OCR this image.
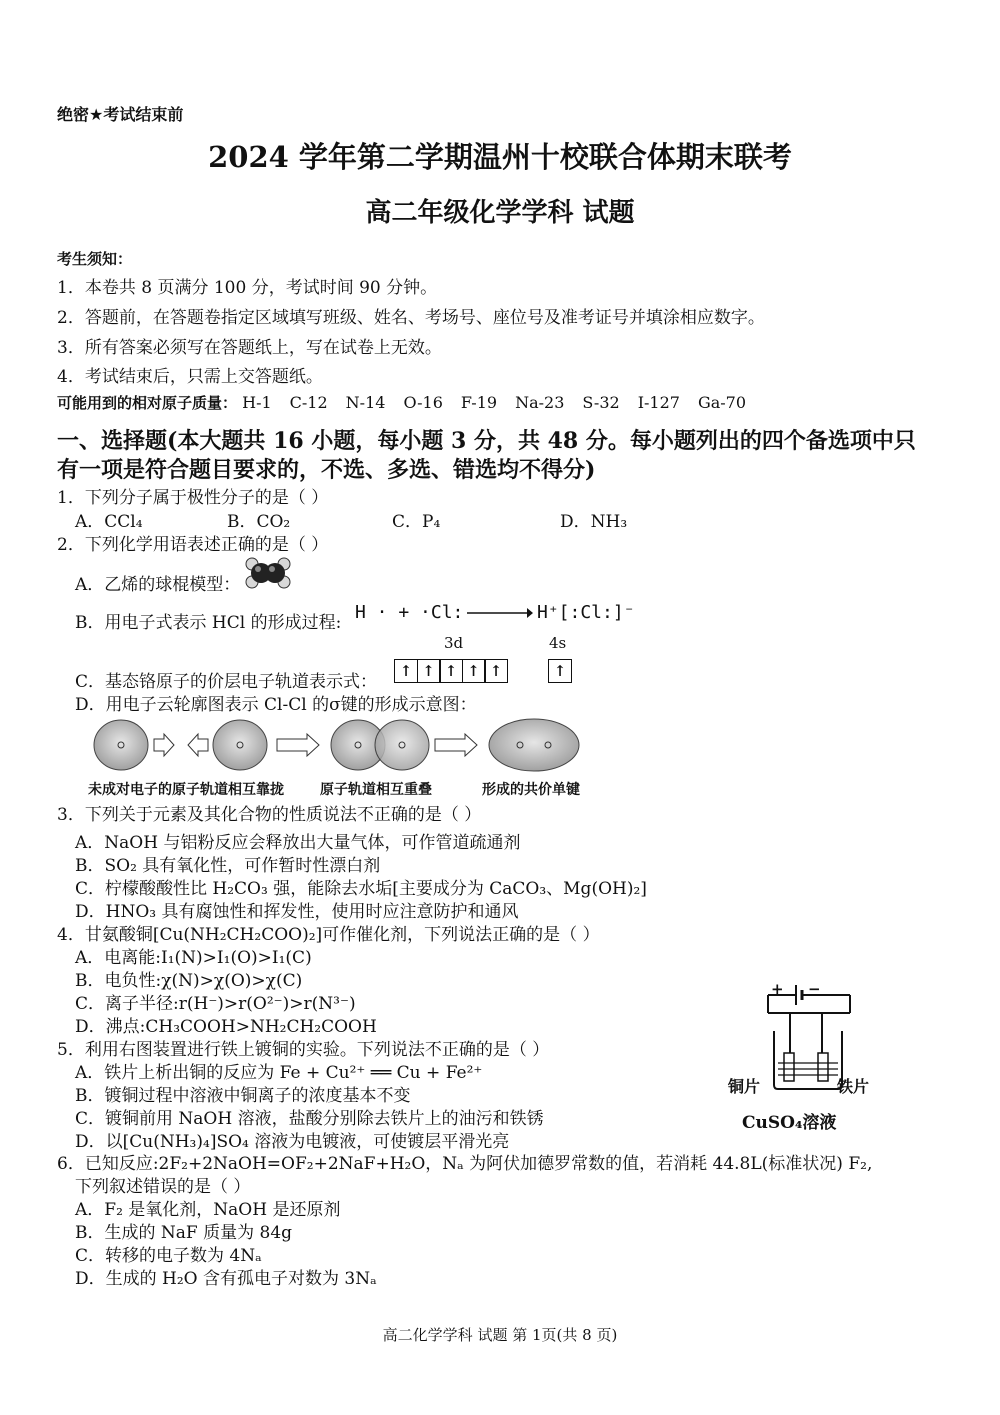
绝密★考试结束前
2024 学年第二学期温州十校联合体期末联考
高二年级化学学科 试题
考生须知：
1．本卷共 8 页满分 100 分，考试时间 90 分钟。
2．答题前，在答题卷指定区域填写班级、姓名、考场号、座位号及准考证号并填涂相应数字。
3．所有答案必须写在答题纸上，写在试卷上无效。
4．考试结束后，只需上交答题纸。
可能用到的相对原子质量： H-1 C-12 N-14 O-16 F-19 Na-23 S-32 I-127 Ga-70
一、选择题(本大题共 16 小题，每小题 3 分，共 48 分。每小题列出的四个备选项中只
有一项是符合题目要求的，不选、多选、错选均不得分)
1．下列分子属于极性分子的是（ ）
A．CCl₄	B．CO₂	C．P₄	D．NH₃
2．下列化学用语表述正确的是（ ）
A．乙烯的球棍模型：
B．用电子式表示 HCl 的形成过程: H · + ·Cl:	H⁺[:Cl:]⁻
3d	4s
C．基态铬原子的价层电子轨道表示式：
↑ ↑ ↑ ↑ ↑	↑
D．用电子云轮廓图表示 Cl-Cl 的σ键的形成示意图：
未成对电子的原子轨道相互靠拢	原子轨道相互重叠	形成的共价单键
3．下列关于元素及其化合物的性质说法不正确的是（ ）
A．NaOH 与铝粉反应会释放出大量气体，可作管道疏通剂
B．SO₂ 具有氧化性，可作暂时性漂白剂
C．柠檬酸酸性比 H₂CO₃ 强，能除去水垢[主要成分为 CaCO₃、Mg(OH)₂]
D．HNO₃ 具有腐蚀性和挥发性，使用时应注意防护和通风
4．甘氨酸铜[Cu(NH₂CH₂COO)₂]可作催化剂，下列说法正确的是（ ）
A．电离能:I₁(N)>I₁(O)>I₁(C)
B．电负性:χ(N)>χ(O)>χ(C)
C．离子半径:r(H⁻)>r(O²⁻)>r(N³⁻)
D．沸点:CH₃COOH>NH₂CH₂COOH
5．利用右图装置进行铁上镀铜的实验。下列说法不正确的是（ ）
A．铁片上析出铜的反应为 Fe + Cu²⁺ ══ Cu + Fe²⁺
B．镀铜过程中溶液中铜离子的浓度基本不变
C．镀铜前用 NaOH 溶液，盐酸分别除去铁片上的油污和铁锈
D．以[Cu(NH₃)₄]SO₄ 溶液为电镀液，可使镀层平滑光亮
+ −
铜片	铁片
CuSO₄溶液
6．已知反应:2F₂+2NaOH=OF₂+2NaF+H₂O，Nₐ 为阿伏加德罗常数的值，若消耗 44.8L(标准状况) F₂,
下列叙述错误的是（ ）
A．F₂ 是氧化剂，NaOH 是还原剂
B．生成的 NaF 质量为 84g
C．转移的电子数为 4Nₐ
D．生成的 H₂O 含有孤电子对数为 3Nₐ
高二化学学科 试题 第 1页(共 8 页)
